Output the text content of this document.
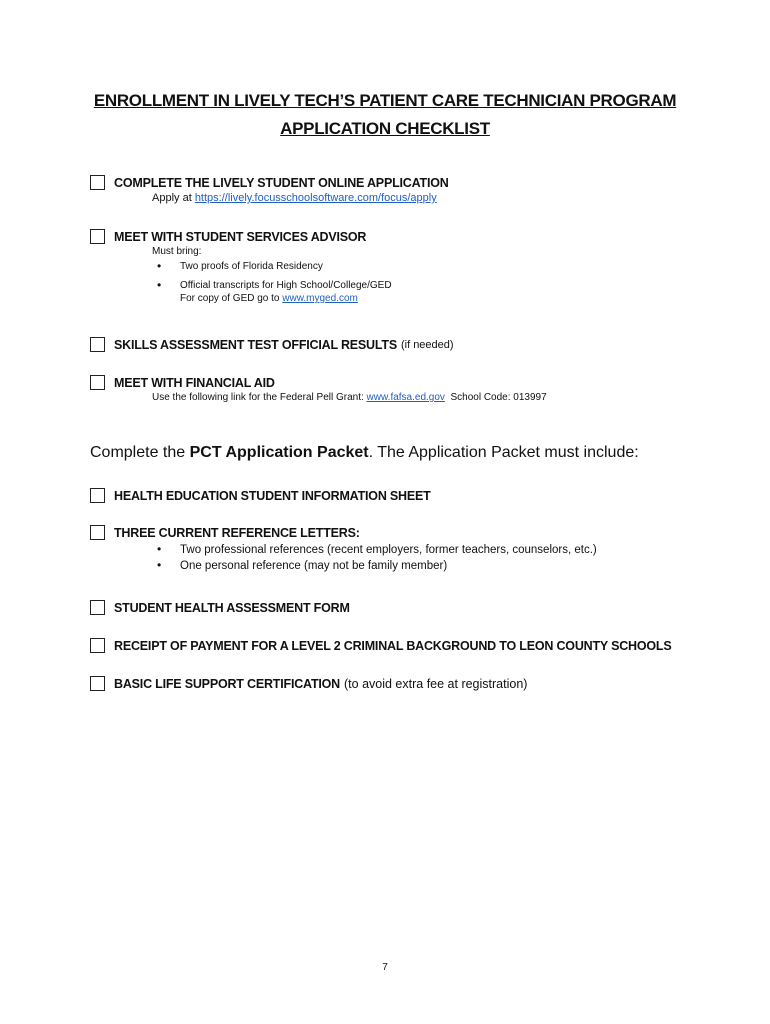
ENROLLMENT IN LIVELY TECH’S PATIENT CARE TECHNICIAN PROGRAM
APPLICATION CHECKLIST
COMPLETE THE LIVELY STUDENT ONLINE APPLICATION
Apply at https://lively.focusschoolsoftware.com/focus/apply
MEET WITH STUDENT SERVICES ADVISOR
Must bring:
• Two proofs of Florida Residency
• Official transcripts for High School/College/GED
For copy of GED go to www.myged.com
SKILLS ASSESSMENT TEST OFFICIAL RESULTS (if needed)
MEET WITH FINANCIAL AID
Use the following link for the Federal Pell Grant: www.fafsa.ed.gov School Code: 013997
Complete the PCT Application Packet. The Application Packet must include:
HEALTH EDUCATION STUDENT INFORMATION SHEET
THREE CURRENT REFERENCE LETTERS:
• Two professional references (recent employers, former teachers, counselors, etc.)
• One personal reference (may not be family member)
STUDENT HEALTH ASSESSMENT FORM
RECEIPT OF PAYMENT FOR A LEVEL 2 CRIMINAL BACKGROUND TO LEON COUNTY SCHOOLS
BASIC LIFE SUPPORT CERTIFICATION (to avoid extra fee at registration)
7
